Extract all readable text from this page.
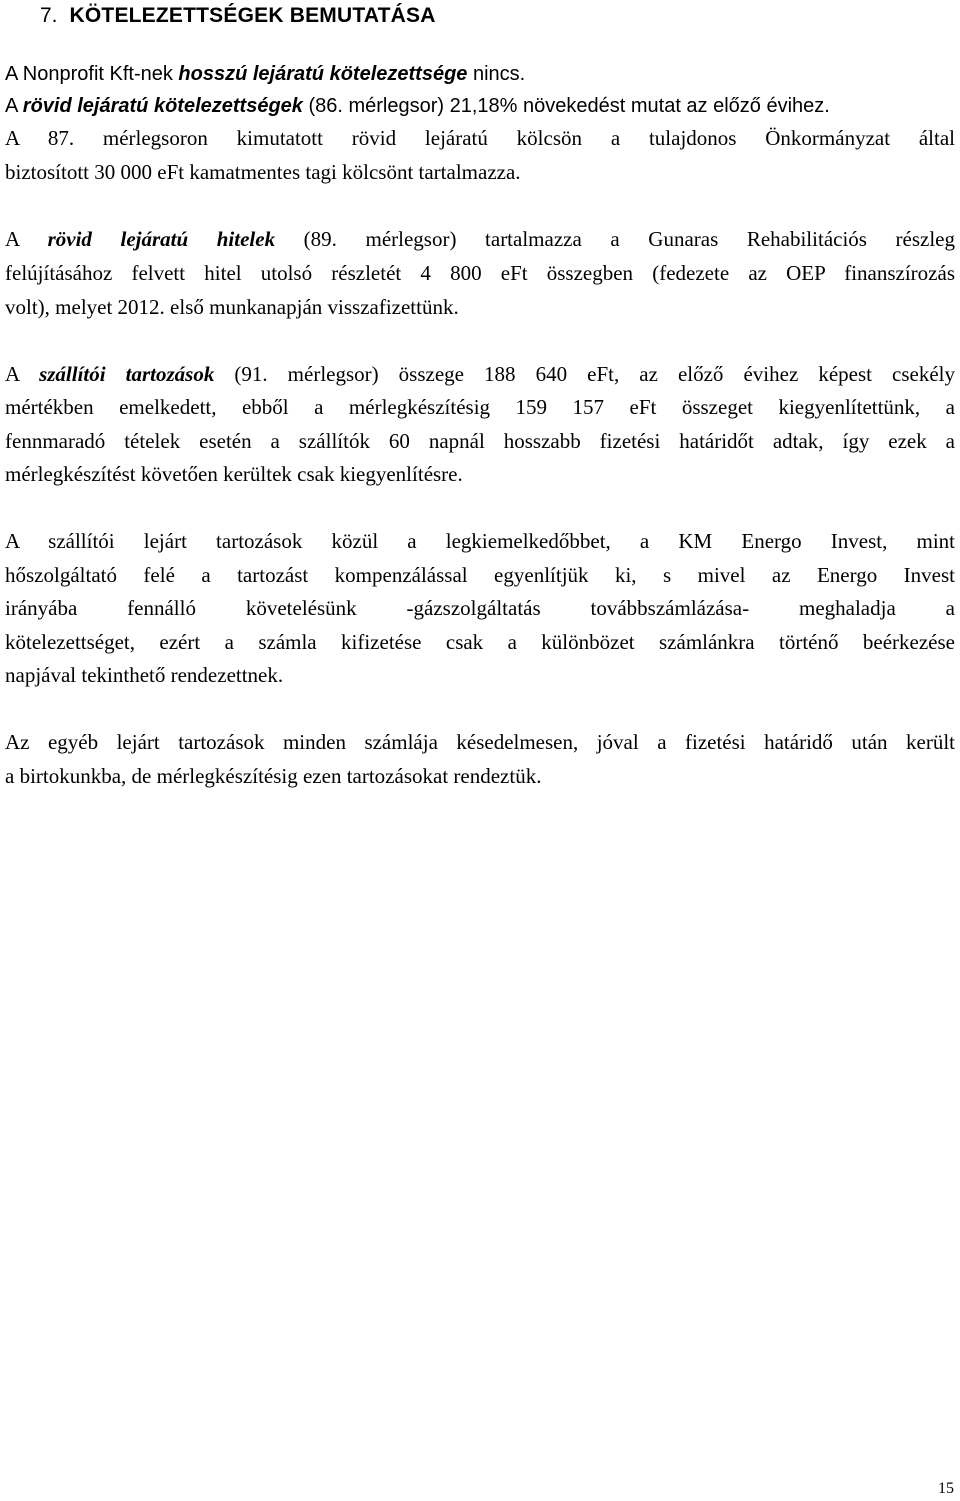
7. KÖTELEZETTSÉGEK BEMUTATÁSA
A Nonprofit Kft-nek hosszú lejáratú kötelezettsége nincs.
A rövid lejáratú kötelezettségek (86. mérlegsor) 21,18% növekedést mutat az előző évihez.
A 87. mérlegsoron kimutatott rövid lejáratú kölcsön a tulajdonos Önkormányzat által
biztosított 30 000 eFt kamatmentes tagi kölcsönt tartalmazza.
A rövid lejáratú hitelek (89. mérlegsor) tartalmazza a Gunaras Rehabilitációs részleg
felújításához felvett hitel utolsó részletét 4 800 eFt összegben (fedezete az OEP finanszírozás
volt), melyet 2012. első munkanapján visszafizettünk.
A szállítói tartozások (91. mérlegsor) összege 188 640 eFt, az előző évihez képest csekély
mértékben emelkedett, ebből a mérlegkészítésig 159 157 eFt összeget kiegyenlítettünk, a
fennmaradó tételek esetén a szállítók 60 napnál hosszabb fizetési határidőt adtak, így ezek a
mérlegkészítést követően kerültek csak kiegyenlítésre.
A szállítói lejárt tartozások közül a legkiemelkedőbbet, a KM Energo Invest, mint
hőszolgáltató felé a tartozást kompenzálással egyenlítjük ki, s mivel az Energo Invest
irányába fennálló követelésünk -gázszolgáltatás továbbszámlázása- meghaladja a
kötelezettséget, ezért a számla kifizetése csak a különbözet számlánkra történő beérkezése
napjával tekinthető rendezettnek.
Az egyéb lejárt tartozások minden számlája késedelmesen, jóval a fizetési határidő után került
a birtokunkba, de mérlegkészítésig ezen tartozásokat rendeztük.
15
